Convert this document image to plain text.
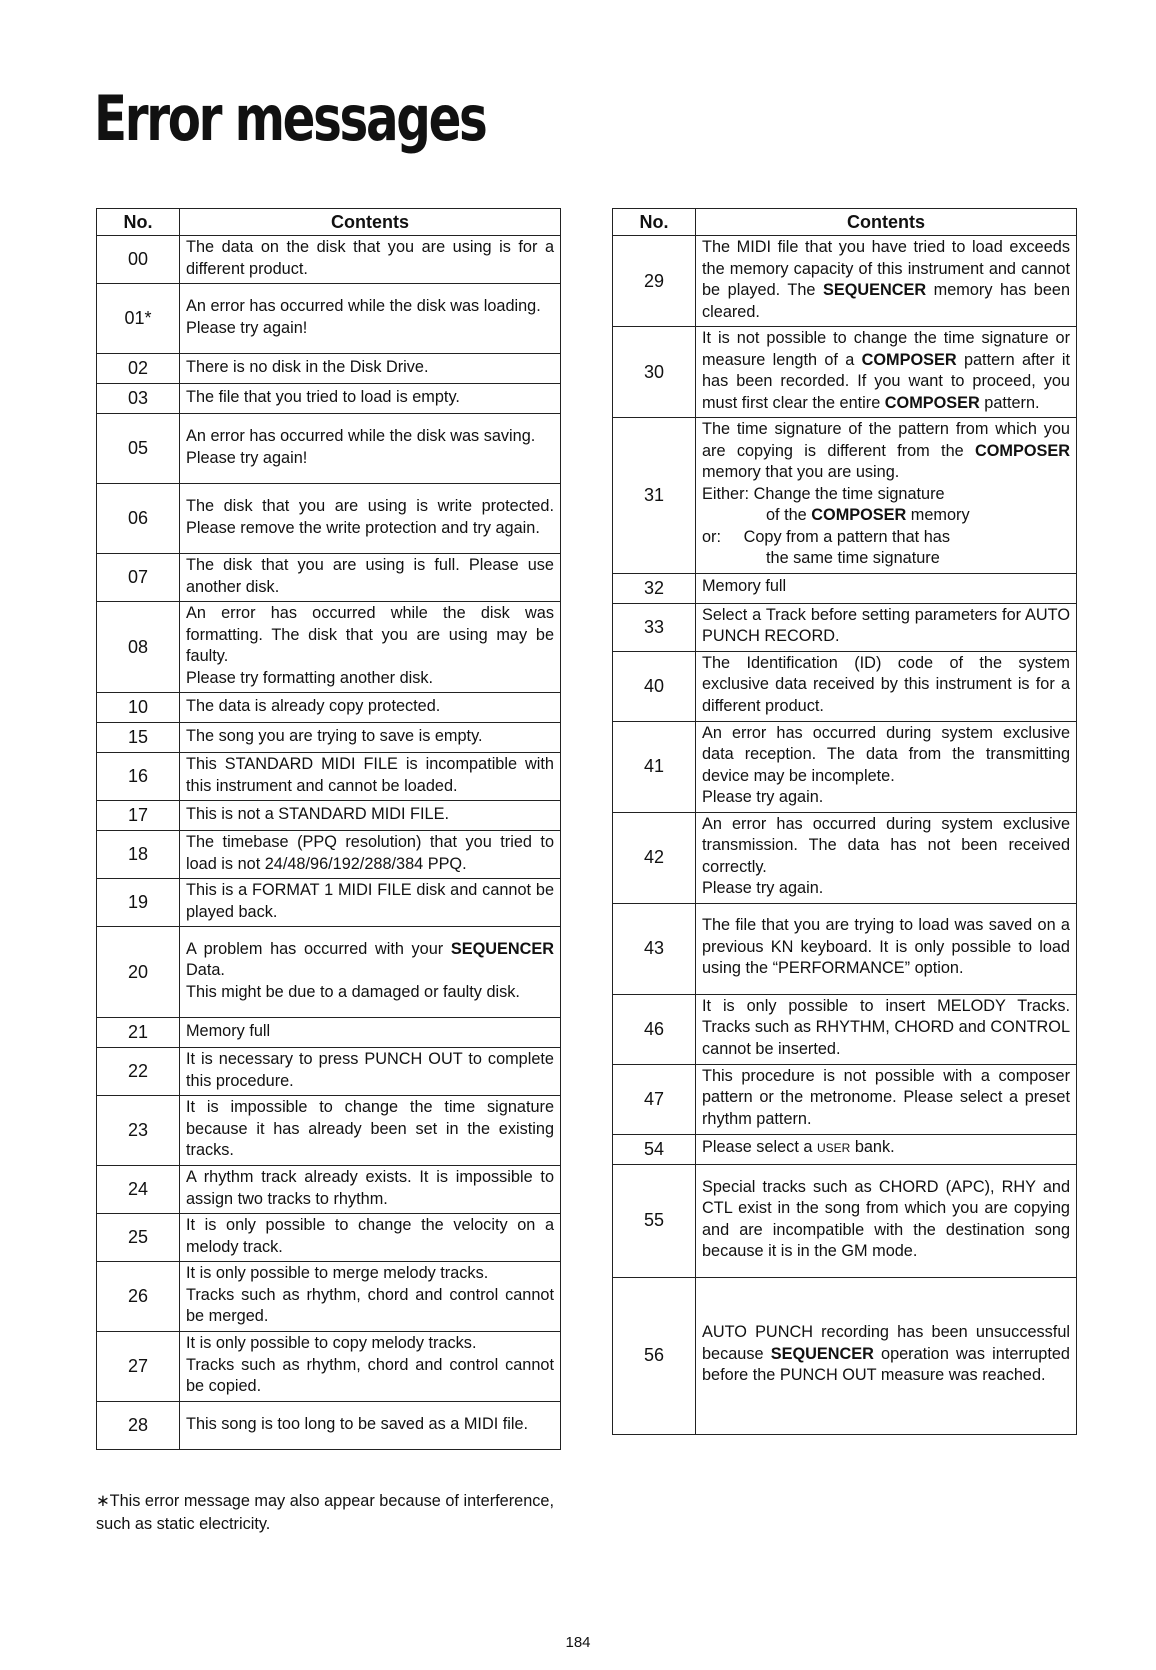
Error messages
No.	Contents
00	The data on the disk that you are using is for a different product.

01*	An error has occurred while the disk was loading.
Please try again!

02	There is no disk in the Disk Drive.

03	The file that you tried to load is empty.

05	An error has occurred while the disk was saving.
Please try again!

06	The disk that you are using is write protected. Please remove the write protection and try again.

07	The disk that you are using is full. Please use another disk.

08	An error has occurred while the disk was formatting. The disk that you are using may be faulty.
Please try formatting another disk.

10	The data is already copy protected.

15	The song you are trying to save is empty.

16	This STANDARD MIDI FILE is incompatible with this instrument and cannot be loaded.

17	This is not a STANDARD MIDI FILE.

18	The timebase (PPQ resolution) that you tried to load is not 24/48/96/192/288/384 PPQ.

19	This is a FORMAT 1 MIDI FILE disk and cannot be played back.

20	A problem has occurred with your SEQUENCER Data.
This might be due to a damaged or faulty disk.

21	Memory full

22	It is necessary to press PUNCH OUT to complete this procedure.

23	It is impossible to change the time signature because it has already been set in the existing tracks.

24	A rhythm track already exists. It is impossible to assign two tracks to rhythm.

25	It is only possible to change the velocity on a melody track.

26	It is only possible to merge melody tracks.
Tracks such as rhythm, chord and control cannot be merged.

27	It is only possible to copy melody tracks.
Tracks such as rhythm, chord and control cannot be copied.

28	This song is too long to be saved as a MIDI file.
No.	Contents
29	The MIDI file that you have tried to load exceeds the memory capacity of this instrument and cannot be played. The SEQUENCER memory has been cleared.

30	It is not possible to change the time signature or measure length of a COMPOSER pattern after it has been recorded. If you want to proceed, you must first clear the entire COMPOSER pattern.

31	The time signature of the pattern from which you are copying is different from the COMPOSER memory that you are using.
Either: Change the time signature
of the COMPOSER memory
or:     Copy from a pattern that has
the same time signature

32	Memory full

33	Select a Track before setting parameters for AUTO PUNCH RECORD.

40	The Identification (ID) code of the system exclusive data received by this instrument is for a different product.

41	An error has occurred during system exclusive data reception. The data from the transmitting device may be incomplete.
Please try again.

42	An error has occurred during system exclusive transmission. The data has not been received correctly.
Please try again.

43	The file that you are trying to load was saved on a previous KN keyboard. It is only possible to load using the “PERFORMANCE” option.

46	It is only possible to insert MELODY Tracks. Tracks such as RHYTHM, CHORD and CONTROL cannot be inserted.

47	This procedure is not possible with a composer pattern or the metronome. Please select a preset rhythm pattern.

54	Please select a USER bank.

55	Special tracks such as CHORD (APC), RHY and CTL exist in the song from which you are copying and are incompatible with the destination song because it is in the GM mode.

56	AUTO PUNCH recording has been unsuccessful because SEQUENCER operation was interrupted before the PUNCH OUT measure was reached.

∗This error message may also appear because of interference, such as static electricity.

184
